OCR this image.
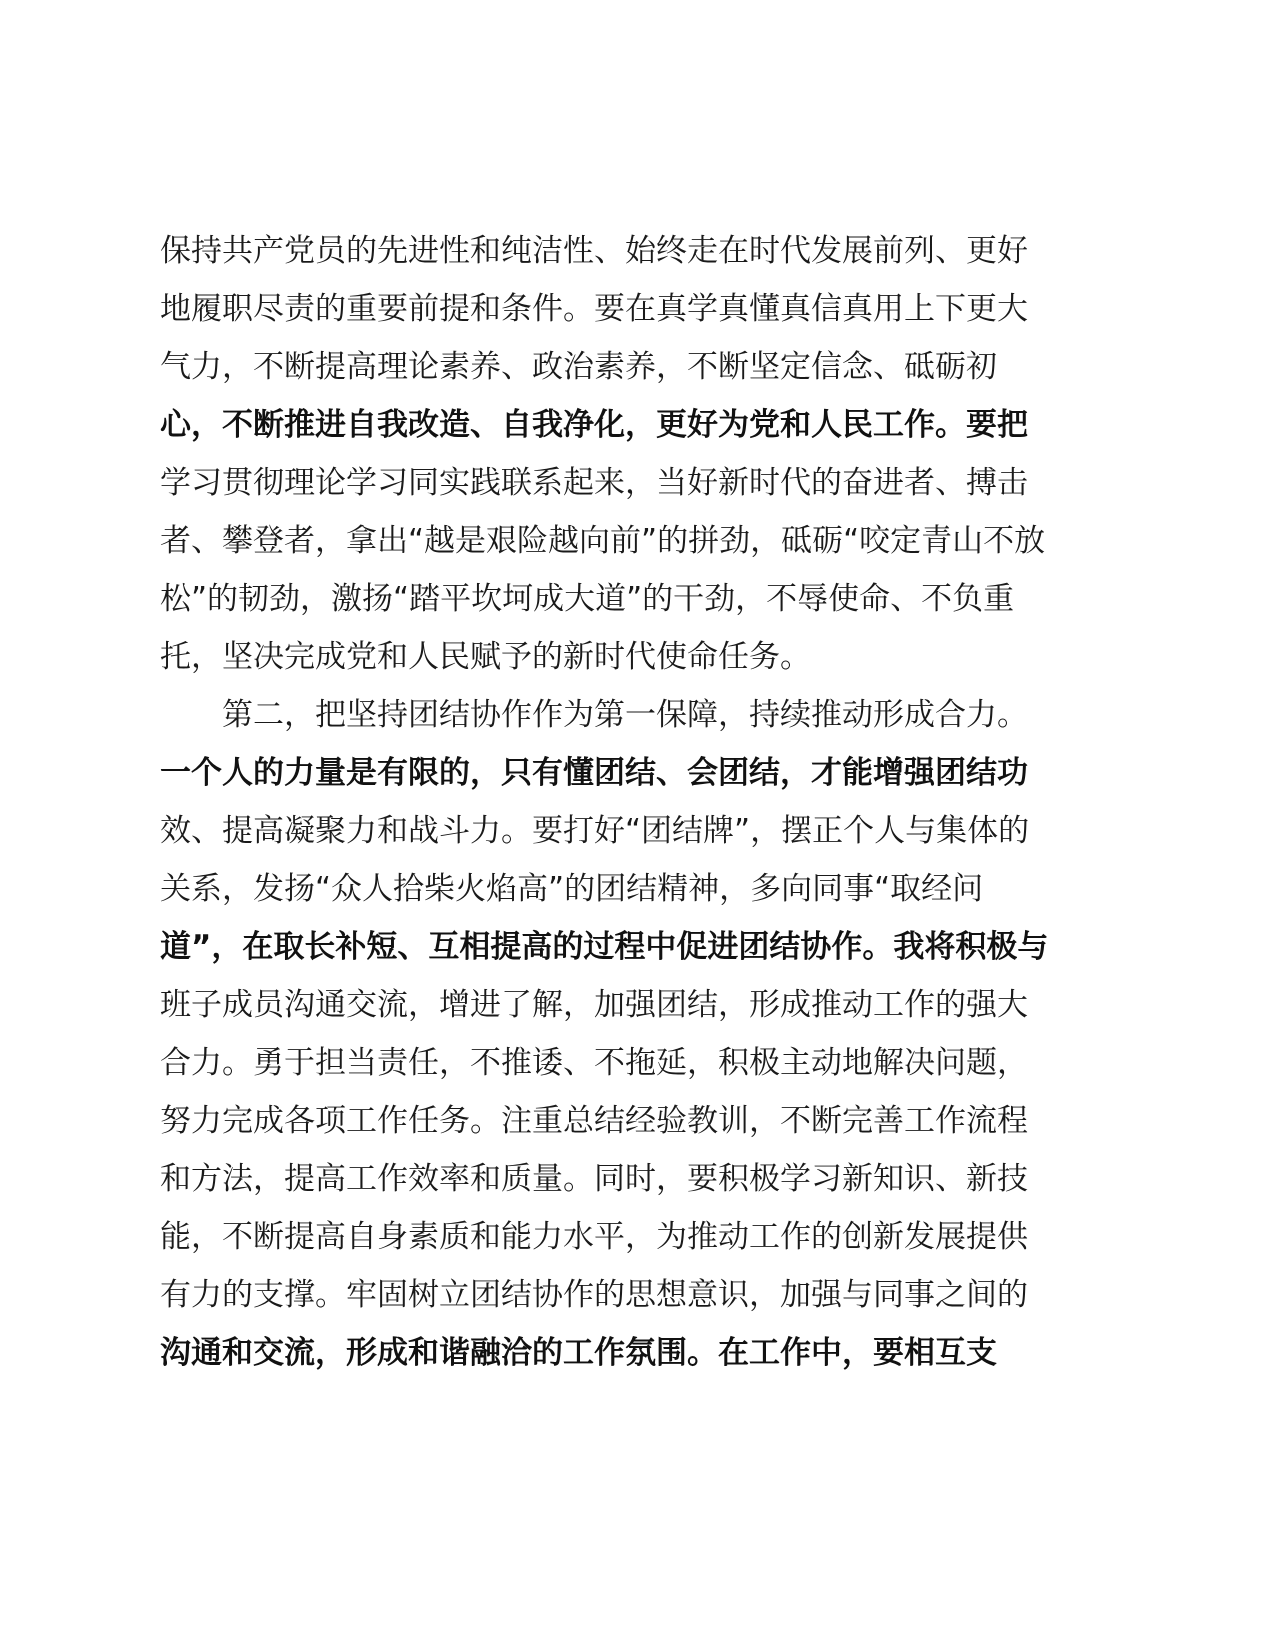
保持共产党员的先进性和纯洁性、始终走在时代发展前列、更好
地履职尽责的重要前提和条件。要在真学真懂真信真用上下更大
气力，不断提高理论素养、政治素养，不断坚定信念、砥砺初
心，不断推进自我改造、自我净化，更好为党和人民工作。要把
学习贯彻理论学习同实践联系起来，当好新时代的奋进者、搏击
者、攀登者，拿出“越是艰险越向前”的拼劲，砥砺“咬定青山不放
松”的韧劲，激扬“踏平坎坷成大道”的干劲，不辱使命、不负重
托，坚决完成党和人民赋予的新时代使命任务。
第二，把坚持团结协作作为第一保障，持续推动形成合力。
一个人的力量是有限的，只有懂团结、会团结，才能增强团结功
效、提高凝聚力和战斗力。要打好“团结牌”，摆正个人与集体的
关系，发扬“众人拾柴火焰高”的团结精神，多向同事“取经问
道”，在取长补短、互相提高的过程中促进团结协作。我将积极与
班子成员沟通交流，增进了解，加强团结，形成推动工作的强大
合力。勇于担当责任，不推诿、不拖延，积极主动地解决问题，
努力完成各项工作任务。注重总结经验教训，不断完善工作流程
和方法，提高工作效率和质量。同时，要积极学习新知识、新技
能，不断提高自身素质和能力水平，为推动工作的创新发展提供
有力的支撑。牢固树立团结协作的思想意识，加强与同事之间的
沟通和交流，形成和谐融洽的工作氛围。在工作中，要相互支
